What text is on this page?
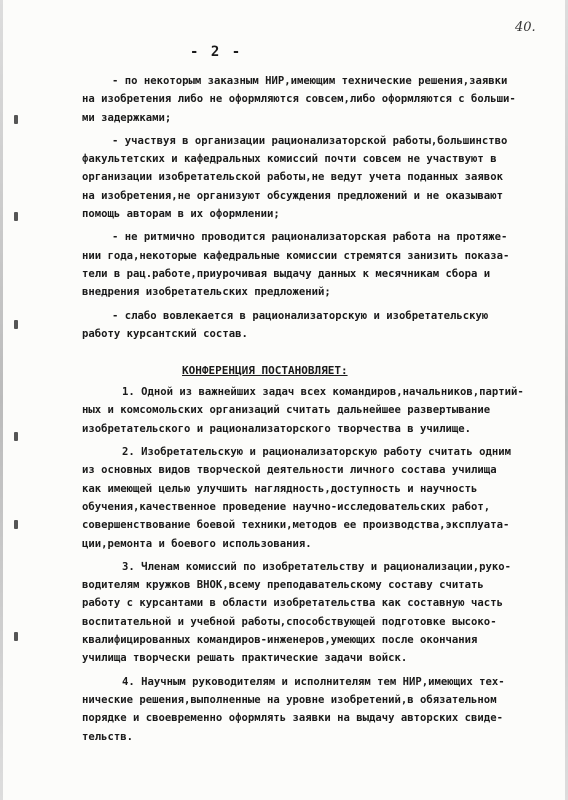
40.
- 2 -
- по некоторым заказным НИР,имеющим технические решения,заявки
на изобретения либо не оформляются совсем,либо оформляются с больши-
ми задержками;
- участвуя в организации рационализаторской работы,большинство
факультетских и кафедральных комиссий почти совсем не участвуют в
организации изобретательской работы,не ведут учета поданных заявок
на изобретения,не организуют обсуждения предложений и не оказывают
помощь авторам в их оформлении;
- не ритмично проводится рационализаторская работа на протяже-
нии года,некоторые кафедральные комиссии стремятся занизить показа-
тели в рац.работе,приурочивая выдачу данных к месячникам сбора и
внедрения изобретательских предложений;
- слабо вовлекается в рационализаторскую и изобретательскую
работу курсантский состав.
КОНФЕРЕНЦИЯ ПОСТАНОВЛЯЕТ:
1. Одной из важнейших задач всех командиров,начальников,партий-
ных и комсомольских организаций считать дальнейшее развертывание
изобретательского и рационализаторского творчества в училище.
2. Изобретательскую и рационализаторскую работу считать одним
из основных видов творческой деятельности личного состава училища
как имеющей целью улучшить наглядность,доступность и научность
обучения,качественное проведение научно-исследовательских работ,
совершенствование боевой техники,методов ее производства,эксплуата-
ции,ремонта и боевого использования.
3. Членам комиссий по изобретательству и рационализации,руко-
водителям кружков ВНОК,всему преподавательскому составу считать
работу с курсантами в области изобретательства как составную часть
воспитательной и учебной работы,способствующей подготовке высоко-
квалифицированных командиров-инженеров,умеющих после окончания
училища творчески решать практические задачи войск.
4. Научным руководителям и исполнителям тем НИР,имеющих тех-
нические решения,выполненные на уровне изобретений,в обязательном
порядке и своевременно оформлять заявки на выдачу авторских свиде-
тельств.
